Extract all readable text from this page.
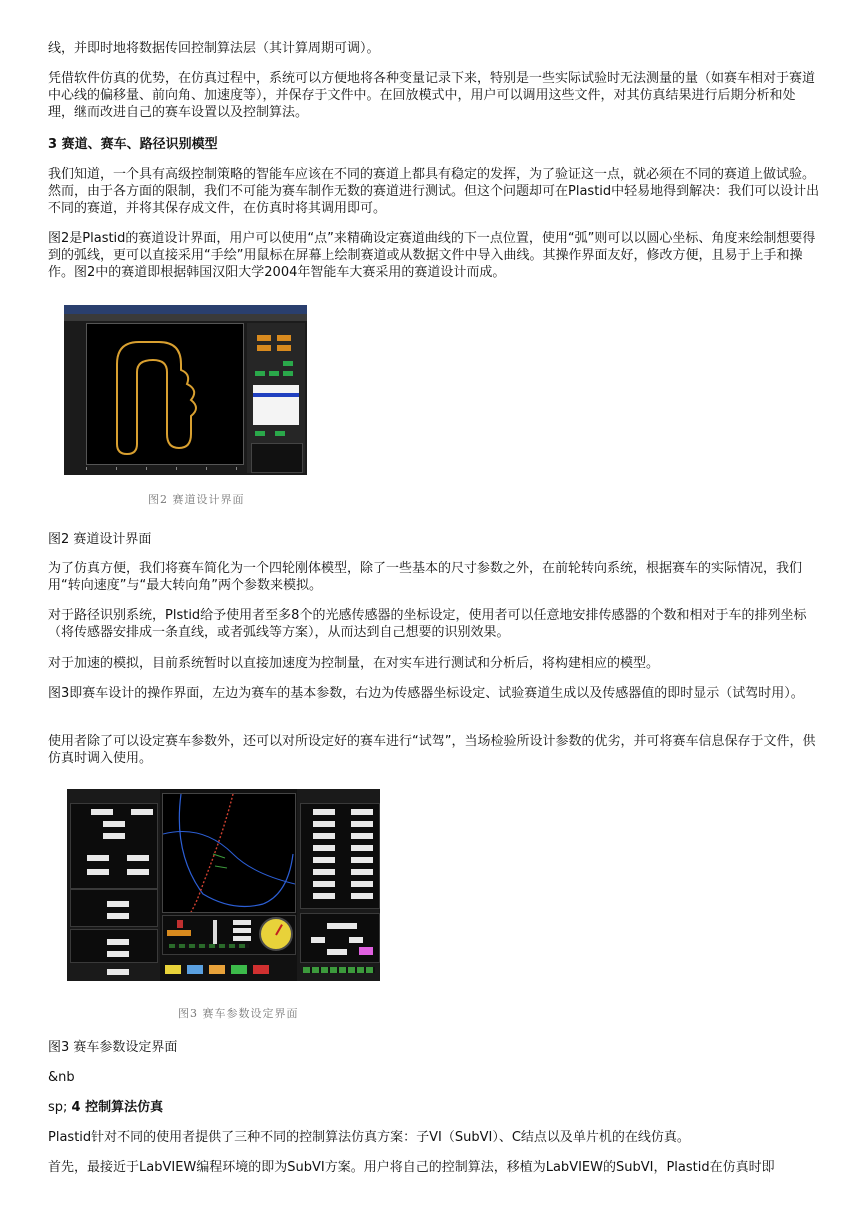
线，并即时地将数据传回控制算法层（其计算周期可调）。

凭借软件仿真的优势，在仿真过程中，系统可以方便地将各种变量记录下来，特别是一些实际试验时无法测量的量（如赛车相对于赛道中心线的偏移量、前向角、加速度等），并保存于文件中。在回放模式中，用户可以调用这些文件，对其仿真结果进行后期分析和处理，继而改进自己的赛车设置以及控制算法。

3 赛道、赛车、路径识别模型

我们知道，一个具有高级控制策略的智能车应该在不同的赛道上都具有稳定的发挥，为了验证这一点，就必须在不同的赛道上做试验。然而，由于各方面的限制，我们不可能为赛车制作无数的赛道进行测试。但这个问题却可在Plastid中轻易地得到解决：我们可以设计出不同的赛道，并将其保存成文件，在仿真时将其调用即可。

图2是Plastid的赛道设计界面，用户可以使用“点”来精确设定赛道曲线的下一点位置，使用“弧”则可以以圆心坐标、角度来绘制想要得到的弧线，更可以直接采用“手绘”用鼠标在屏幕上绘制赛道或从数据文件中导入曲线。其操作界面友好，修改方便，且易于上手和操作。图2中的赛道即根据韩国汉阳大学2004年智能车大赛采用的赛道设计而成。

图2 赛道设计界面

图2 赛道设计界面

为了仿真方便，我们将赛车简化为一个四轮刚体模型，除了一些基本的尺寸参数之外，在前轮转向系统，根据赛车的实际情况，我们用“转向速度”与“最大转向角”两个参数来模拟。

对于路径识别系统，Plstid给予使用者至多8个的光感传感器的坐标设定，使用者可以任意地安排传感器的个数和相对于车的排列坐标（将传感器安排成一条直线，或者弧线等方案），从而达到自己想要的识别效果。

对于加速的模拟，目前系统暂时以直接加速度为控制量，在对实车进行测试和分析后，将构建相应的模型。

图3即赛车设计的操作界面，左边为赛车的基本参数，右边为传感器坐标设定、试验赛道生成以及传感器值的即时显示（试驾时用）。

使用者除了可以设定赛车参数外，还可以对所设定好的赛车进行“试驾”，当场检验所设计参数的优劣，并可将赛车信息保存于文件，供仿真时调入使用。

图3 赛车参数设定界面

图3 赛车参数设定界面

&nb

sp; 4 控制算法仿真

Plastid针对不同的使用者提供了三种不同的控制算法仿真方案：子VI（SubVI）、C结点以及单片机的在线仿真。

首先，最接近于LabVIEW编程环境的即为SubVI方案。用户将自己的控制算法，移植为LabVIEW的SubVI，Plastid在仿真时即
